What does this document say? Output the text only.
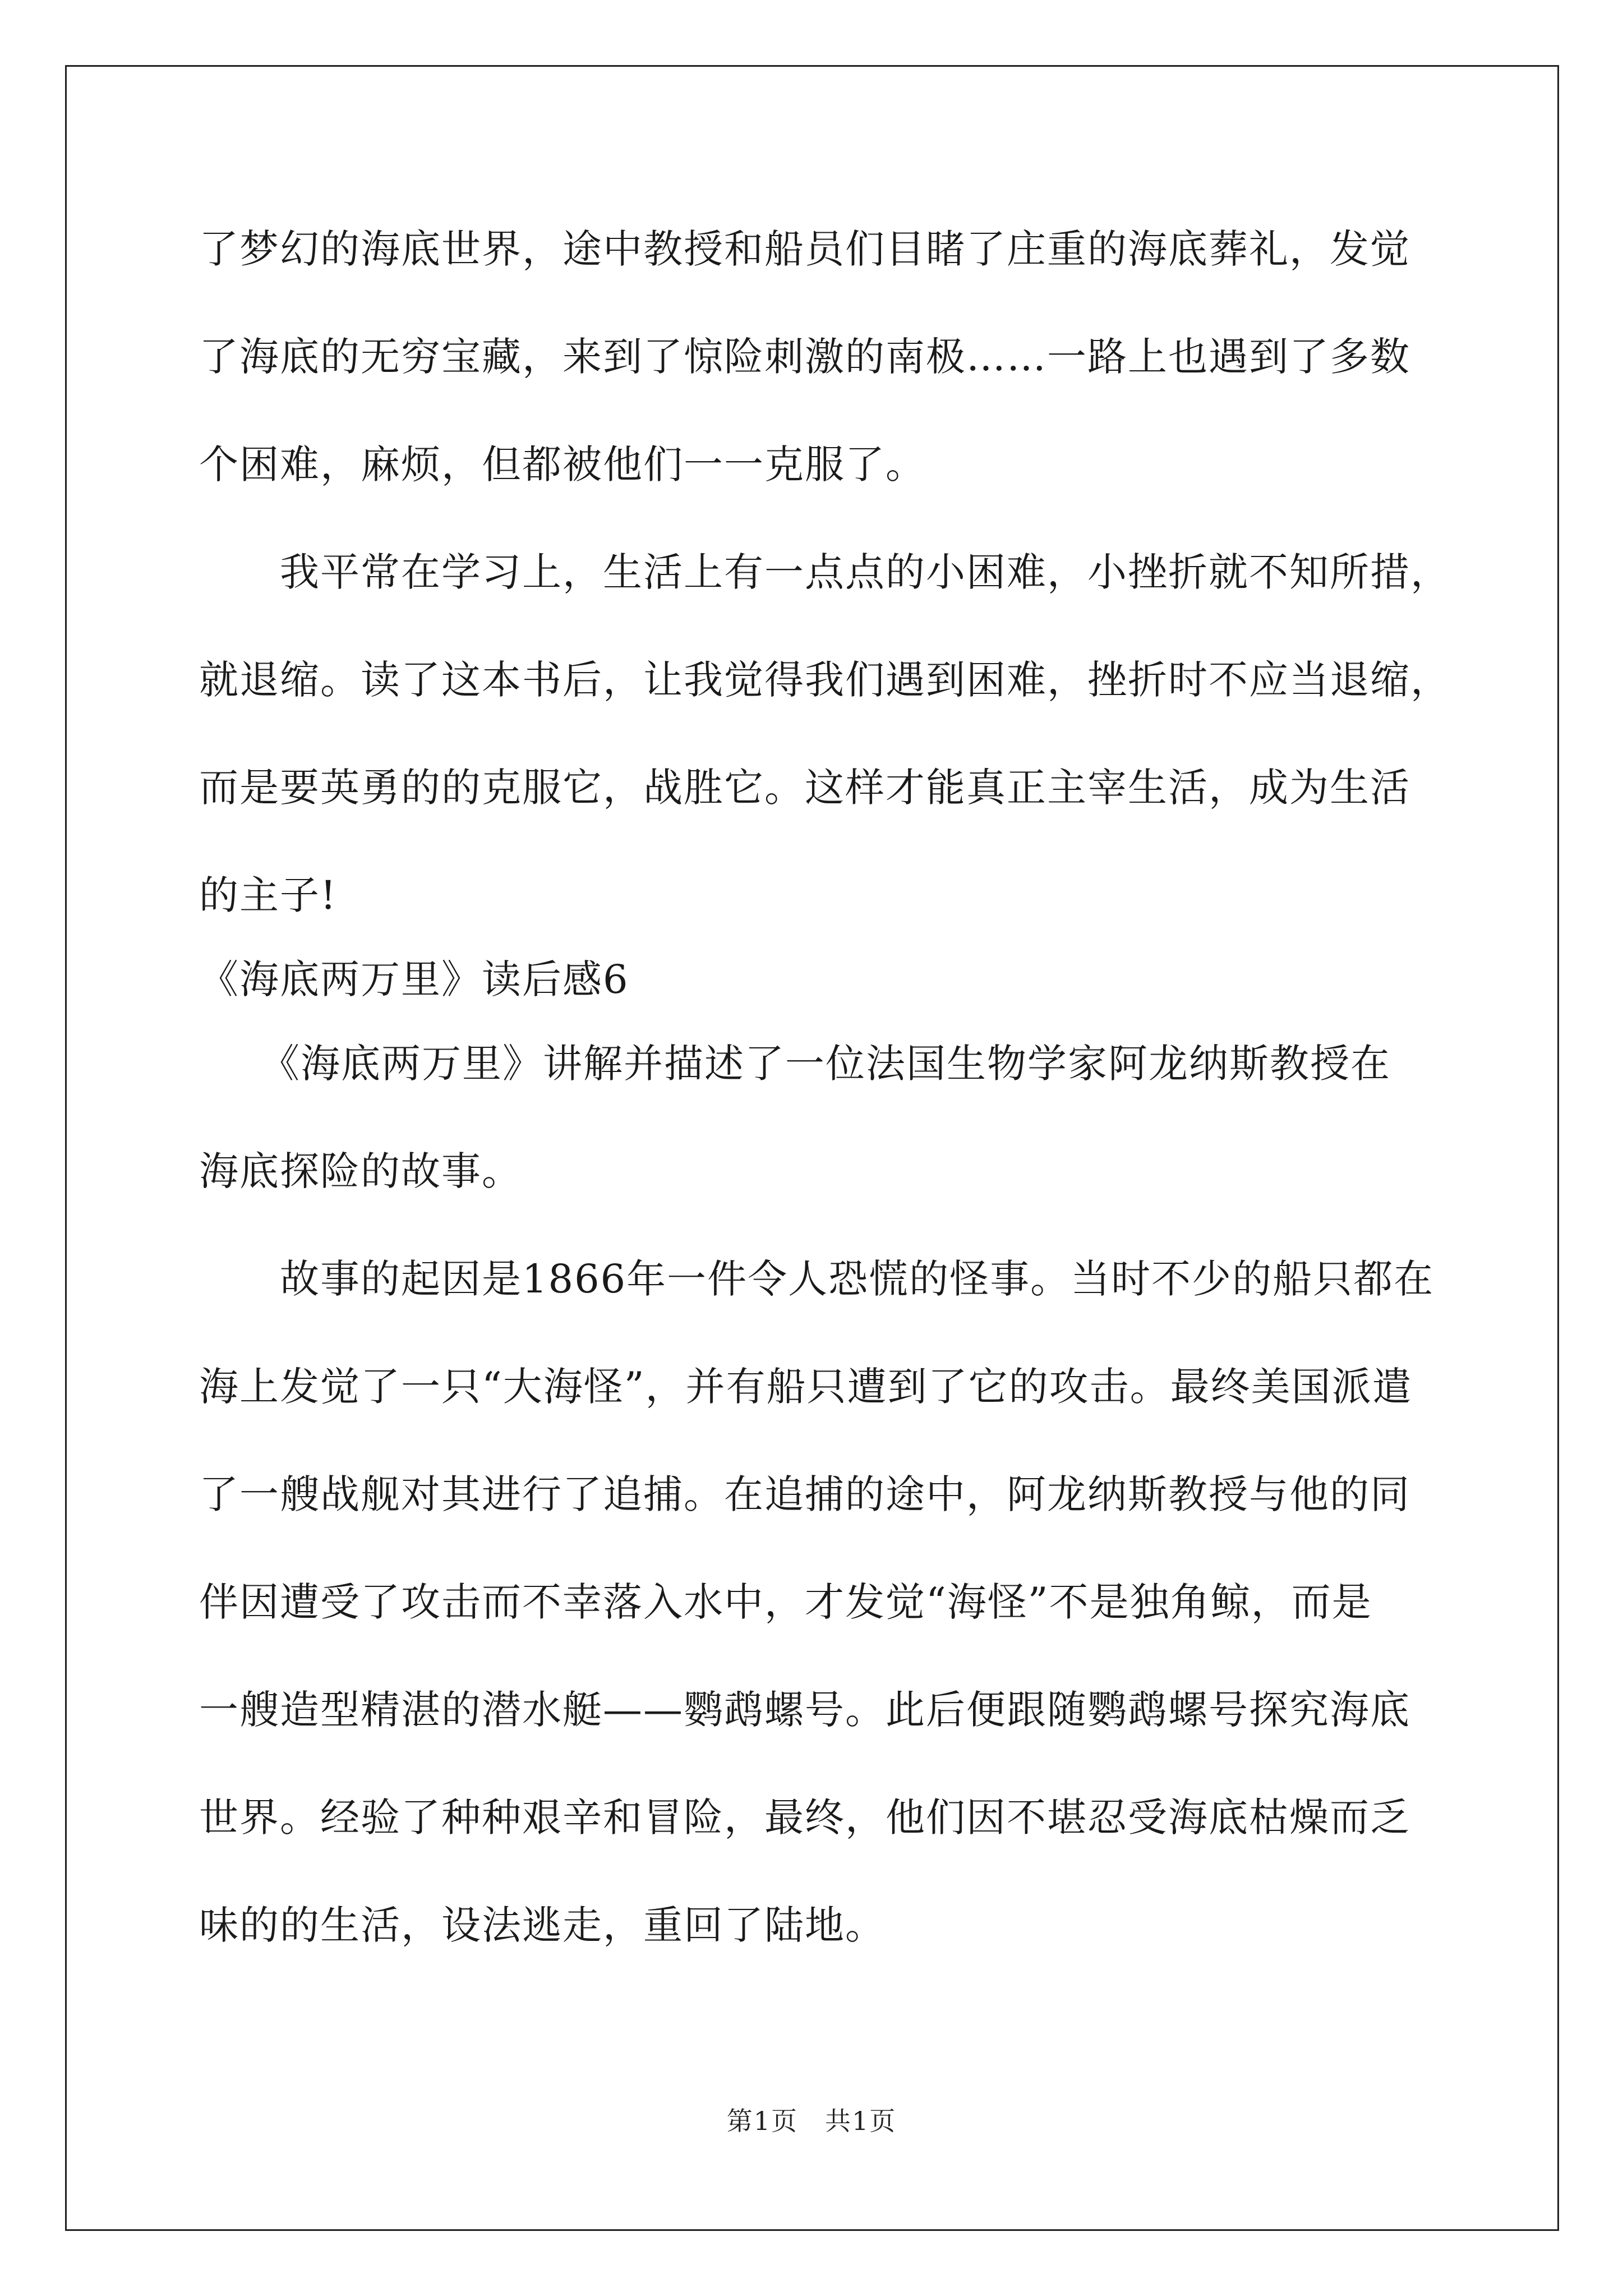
了梦幻的海底世界，途中教授和船员们目睹了庄重的海底葬礼，发觉
了海底的无穷宝藏，来到了惊险刺激的南极……一路上也遇到了多数
个困难，麻烦，但都被他们一一克服了。
　　我平常在学习上，生活上有一点点的小困难，小挫折就不知所措，
就退缩。读了这本书后，让我觉得我们遇到困难，挫折时不应当退缩，
而是要英勇的的克服它，战胜它。这样才能真正主宰生活，成为生活
的主子!
《海底两万里》读后感6
　　《海底两万里》讲解并描述了一位法国生物学家阿龙纳斯教授在
海底探险的故事。
　　故事的起因是1866年一件令人恐慌的怪事。当时不少的船只都在
海上发觉了一只“大海怪”，并有船只遭到了它的攻击。最终美国派遣
了一艘战舰对其进行了追捕。在追捕的途中，阿龙纳斯教授与他的同
伴因遭受了攻击而不幸落入水中，才发觉“海怪”不是独角鲸，而是
一艘造型精湛的潜水艇——鹦鹉螺号。此后便跟随鹦鹉螺号探究海底
世界。经验了种种艰辛和冒险，最终，他们因不堪忍受海底枯燥而乏
味的的生活，设法逃走，重回了陆地。
第1页　共1页
